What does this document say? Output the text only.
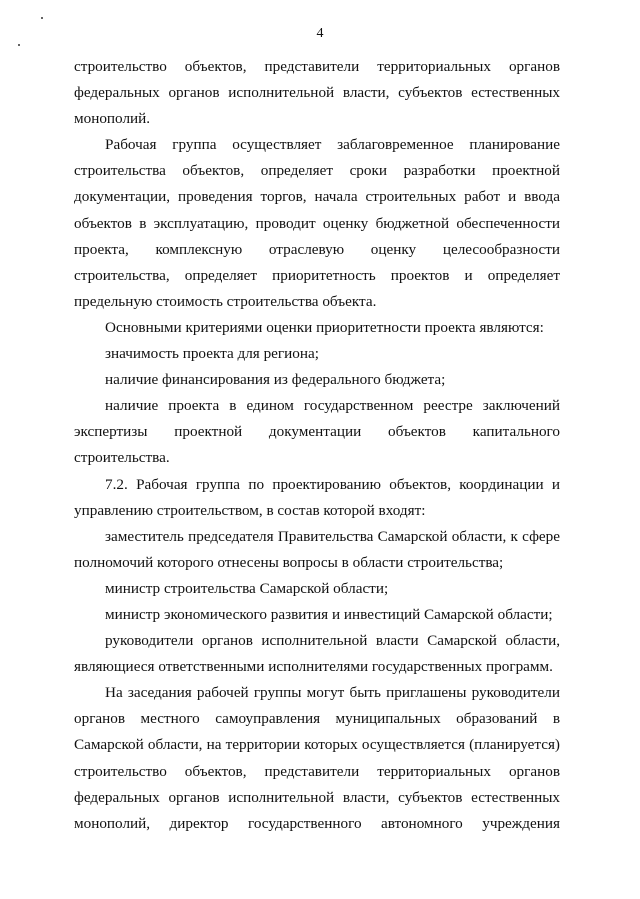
4
строительство объектов, представители территориальных органов
федеральных органов исполнительной власти, субъектов естественных
монополий.
Рабочая группа осуществляет заблаговременное планирование
строительства объектов, определяет сроки разработки проектной
документации, проведения торгов, начала строительных работ и ввода
объектов в эксплуатацию, проводит оценку бюджетной обеспеченности
проекта, комплексную отраслевую оценку целесообразности
строительства, определяет приоритетность проектов и определяет
предельную стоимость строительства объекта.
Основными критериями оценки приоритетности проекта являются:
значимость проекта для региона;
наличие финансирования из федерального бюджета;
наличие проекта в едином государственном реестре заключений
экспертизы проектной документации объектов капитального
строительства.
7.2. Рабочая группа по проектированию объектов, координации и
управлению строительством, в состав которой входят:
заместитель председателя Правительства Самарской области, к сфере
полномочий которого отнесены вопросы в области строительства;
министр строительства Самарской области;
министр экономического развития и инвестиций Самарской области;
руководители органов исполнительной власти Самарской области,
являющиеся ответственными исполнителями государственных программ.
На заседания рабочей группы могут быть приглашены руководители
органов местного самоуправления муниципальных образований в
Самарской области, на территории которых осуществляется (планируется)
строительство объектов, представители территориальных органов
федеральных органов исполнительной власти, субъектов естественных
монополий, директор государственного автономного учреждения
